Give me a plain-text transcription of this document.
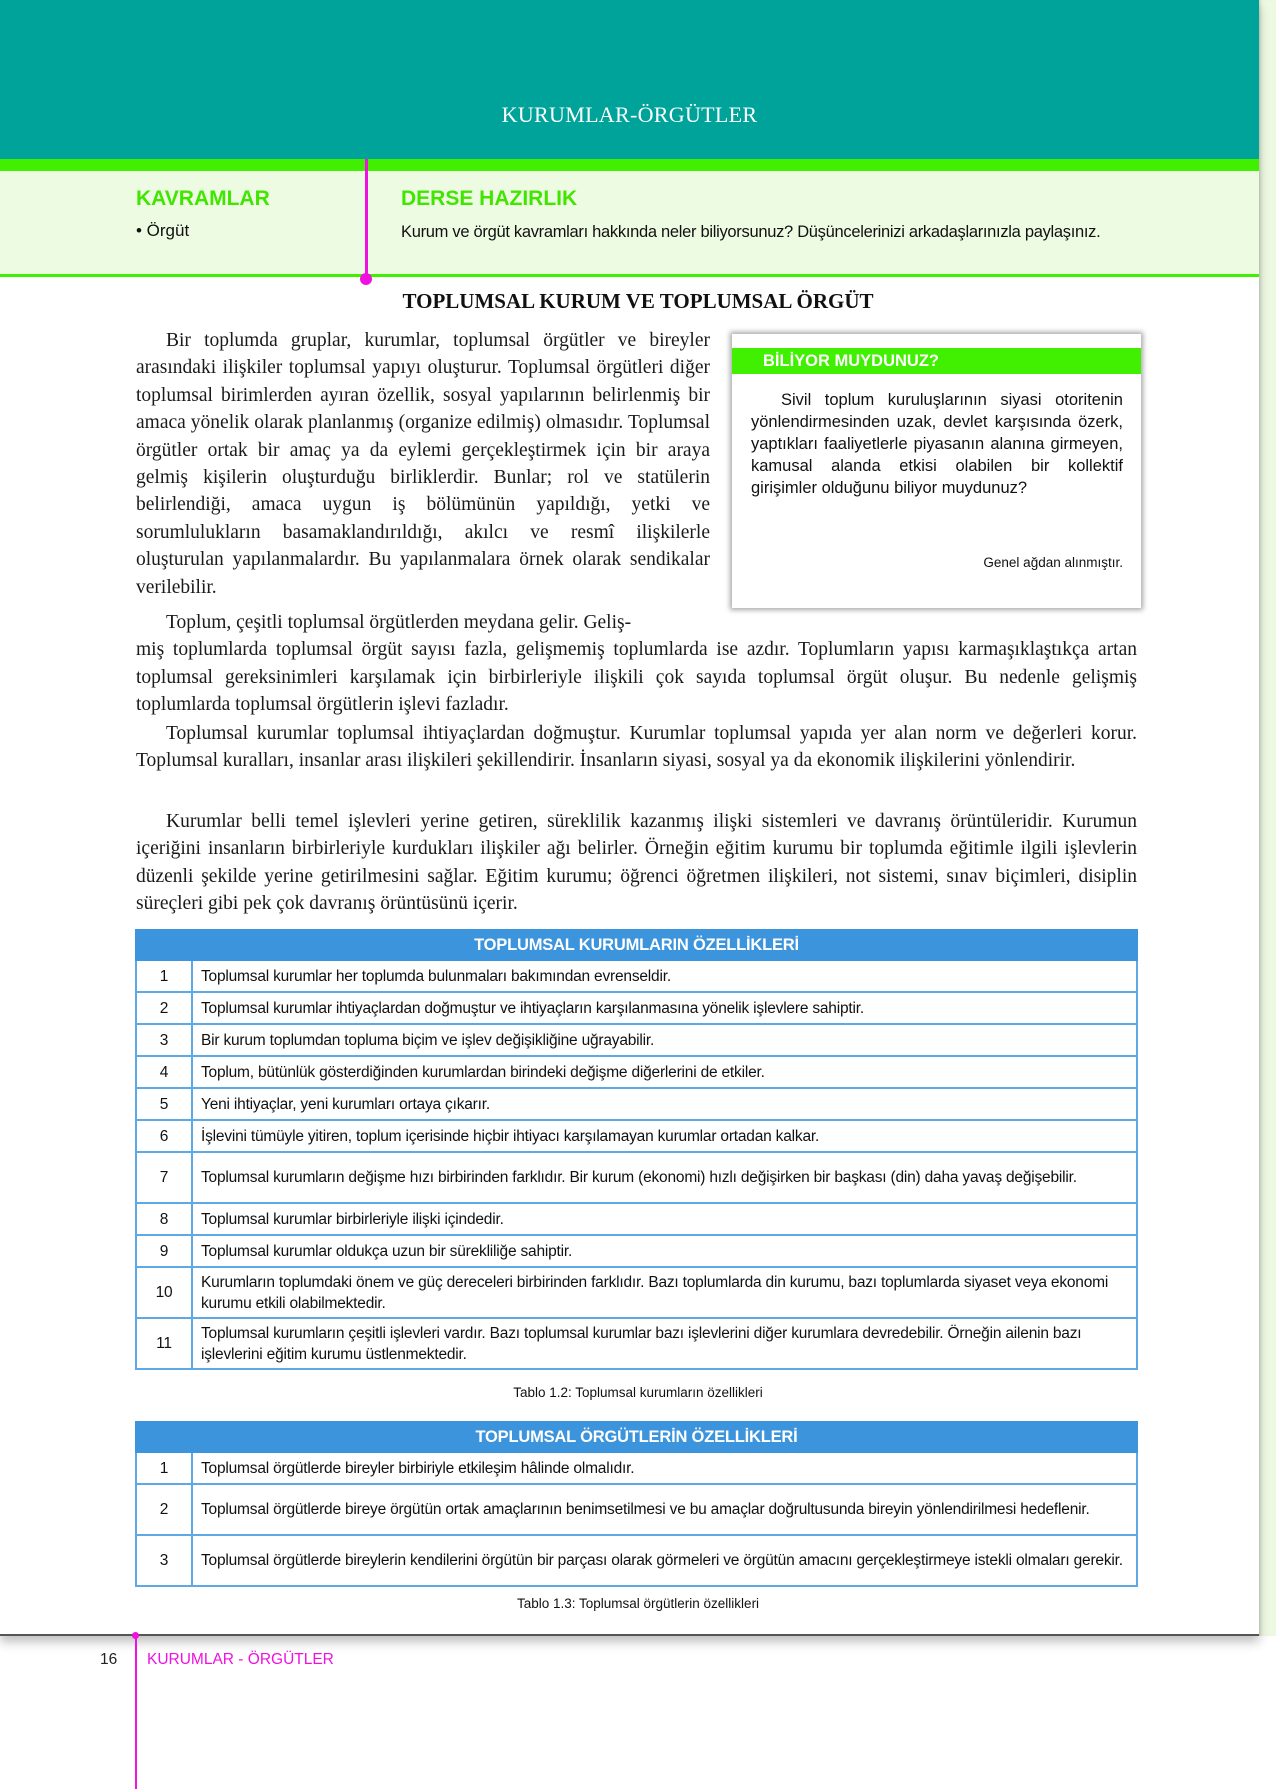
KURUMLAR-ÖRGÜTLER
KAVRAMLAR
• Örgüt
DERSE HAZIRLIK
Kurum ve örgüt kavramları hakkında neler biliyorsunuz? Düşüncelerinizi arkadaşlarınızla paylaşınız.
TOPLUMSAL KURUM VE TOPLUMSAL ÖRGÜT
Bir toplumda gruplar, kurumlar, toplumsal örgütler ve bireyler arasındaki ilişkiler toplumsal yapıyı oluşturur. Toplumsal örgütleri diğer toplumsal birimlerden ayıran özellik, sosyal yapılarının belirlenmiş bir amaca yönelik olarak planlanmış (organize edilmiş) olmasıdır. Toplumsal örgütler ortak bir amaç ya da eylemi gerçekleştirmek için bir araya gelmiş kişilerin oluşturduğu birliklerdir. Bunlar; rol ve statülerin belirlendiği, amaca uygun iş bölümünün yapıldığı, yetki ve sorumlulukların basamaklandırıldığı, akılcı ve resmî ilişkilerle oluşturulan yapılanmalardır. Bu yapılanmalara örnek olarak sendikalar verilebilir.
BİLİYOR MUYDUNUZ?

Sivil toplum kuruluşlarının siyasi otoritenin yönlendirmesinden uzak, devlet karşısında özerk, yaptıkları faaliyetlerle piyasanın alanına girmeyen, kamusal alanda etkisi olabilen bir kollektif girişimler olduğunu biliyor muydunuz?

Genel ağdan alınmıştır.
Toplum, çeşitli toplumsal örgütlerden meydana gelir. Geliş-
miş toplumlarda toplumsal örgüt sayısı fazla, gelişmemiş toplumlarda ise azdır. Toplumların yapısı karmaşıklaştıkça artan toplumsal gereksinimleri karşılamak için birbirleriyle ilişkili çok sayıda toplumsal örgüt oluşur. Bu nedenle gelişmiş toplumlarda toplumsal örgütlerin işlevi fazladır.
Toplumsal kurumlar toplumsal ihtiyaçlardan doğmuştur. Kurumlar toplumsal yapıda yer alan norm ve değerleri korur. Toplumsal kuralları, insanlar arası ilişkileri şekillendirir. İnsanların siyasi, sosyal ya da ekonomik ilişkilerini yönlendirir.
Kurumlar belli temel işlevleri yerine getiren, süreklilik kazanmış ilişki sistemleri ve davranış örüntüleridir. Kurumun içeriğini insanların birbirleriyle kurdukları ilişkiler ağı belirler. Örneğin eğitim kurumu bir toplumda eğitimle ilgili işlevlerin düzenli şekilde yerine getirilmesini sağlar. Eğitim kurumu; öğrenci öğretmen ilişkileri, not sistemi, sınav biçimleri, disiplin süreçleri gibi pek çok davranış örüntüsünü içerir.
TOPLUMSAL KURUMLARIN ÖZELLİKLERİ	
1	Toplumsal kurumlar her toplumda bulunmaları bakımından evrenseldir.
2	Toplumsal kurumlar ihtiyaçlardan doğmuştur ve ihtiyaçların karşılanmasına yönelik işlevlere sahiptir.
3	Bir kurum toplumdan topluma biçim ve işlev değişikliğine uğrayabilir.
4	Toplum, bütünlük gösterdiğinden kurumlardan birindeki değişme diğerlerini de etkiler.
5	Yeni ihtiyaçlar, yeni kurumları ortaya çıkarır.
6	İşlevini tümüyle yitiren, toplum içerisinde hiçbir ihtiyacı karşılamayan kurumlar ortadan kalkar.
7	Toplumsal kurumların değişme hızı birbirinden farklıdır. Bir kurum (ekonomi) hızlı değişirken bir başkası (din) daha yavaş değişebilir.
8	Toplumsal kurumlar birbirleriyle ilişki içindedir.
9	Toplumsal kurumlar oldukça uzun bir sürekliliğe sahiptir.
10	Kurumların toplumdaki önem ve güç dereceleri birbirinden farklıdır. Bazı toplumlarda din kurumu, bazı toplumlarda siyaset veya ekonomi kurumu etkili olabilmektedir.
11	Toplumsal kurumların çeşitli işlevleri vardır. Bazı toplumsal kurumlar bazı işlevlerini diğer kurumlara devredebilir. Örneğin ailenin bazı işlevlerini eğitim kurumu üstlenmektedir.
Tablo 1.2: Toplumsal kurumların özellikleri
TOPLUMSAL ÖRGÜTLERİN ÖZELLİKLERİ	
1	Toplumsal örgütlerde bireyler birbiriyle etkileşim hâlinde olmalıdır.
2	Toplumsal örgütlerde bireye örgütün ortak amaçlarının benimsetilmesi ve bu amaçlar doğrultusunda bireyin yönlendirilmesi hedeflenir.
3	Toplumsal örgütlerde bireylerin kendilerini örgütün bir parçası olarak görmeleri ve örgütün amacını gerçekleştirmeye istekli olmaları gerekir.
Tablo 1.3: Toplumsal örgütlerin özellikleri
16 KURUMLAR - ÖRGÜTLER
